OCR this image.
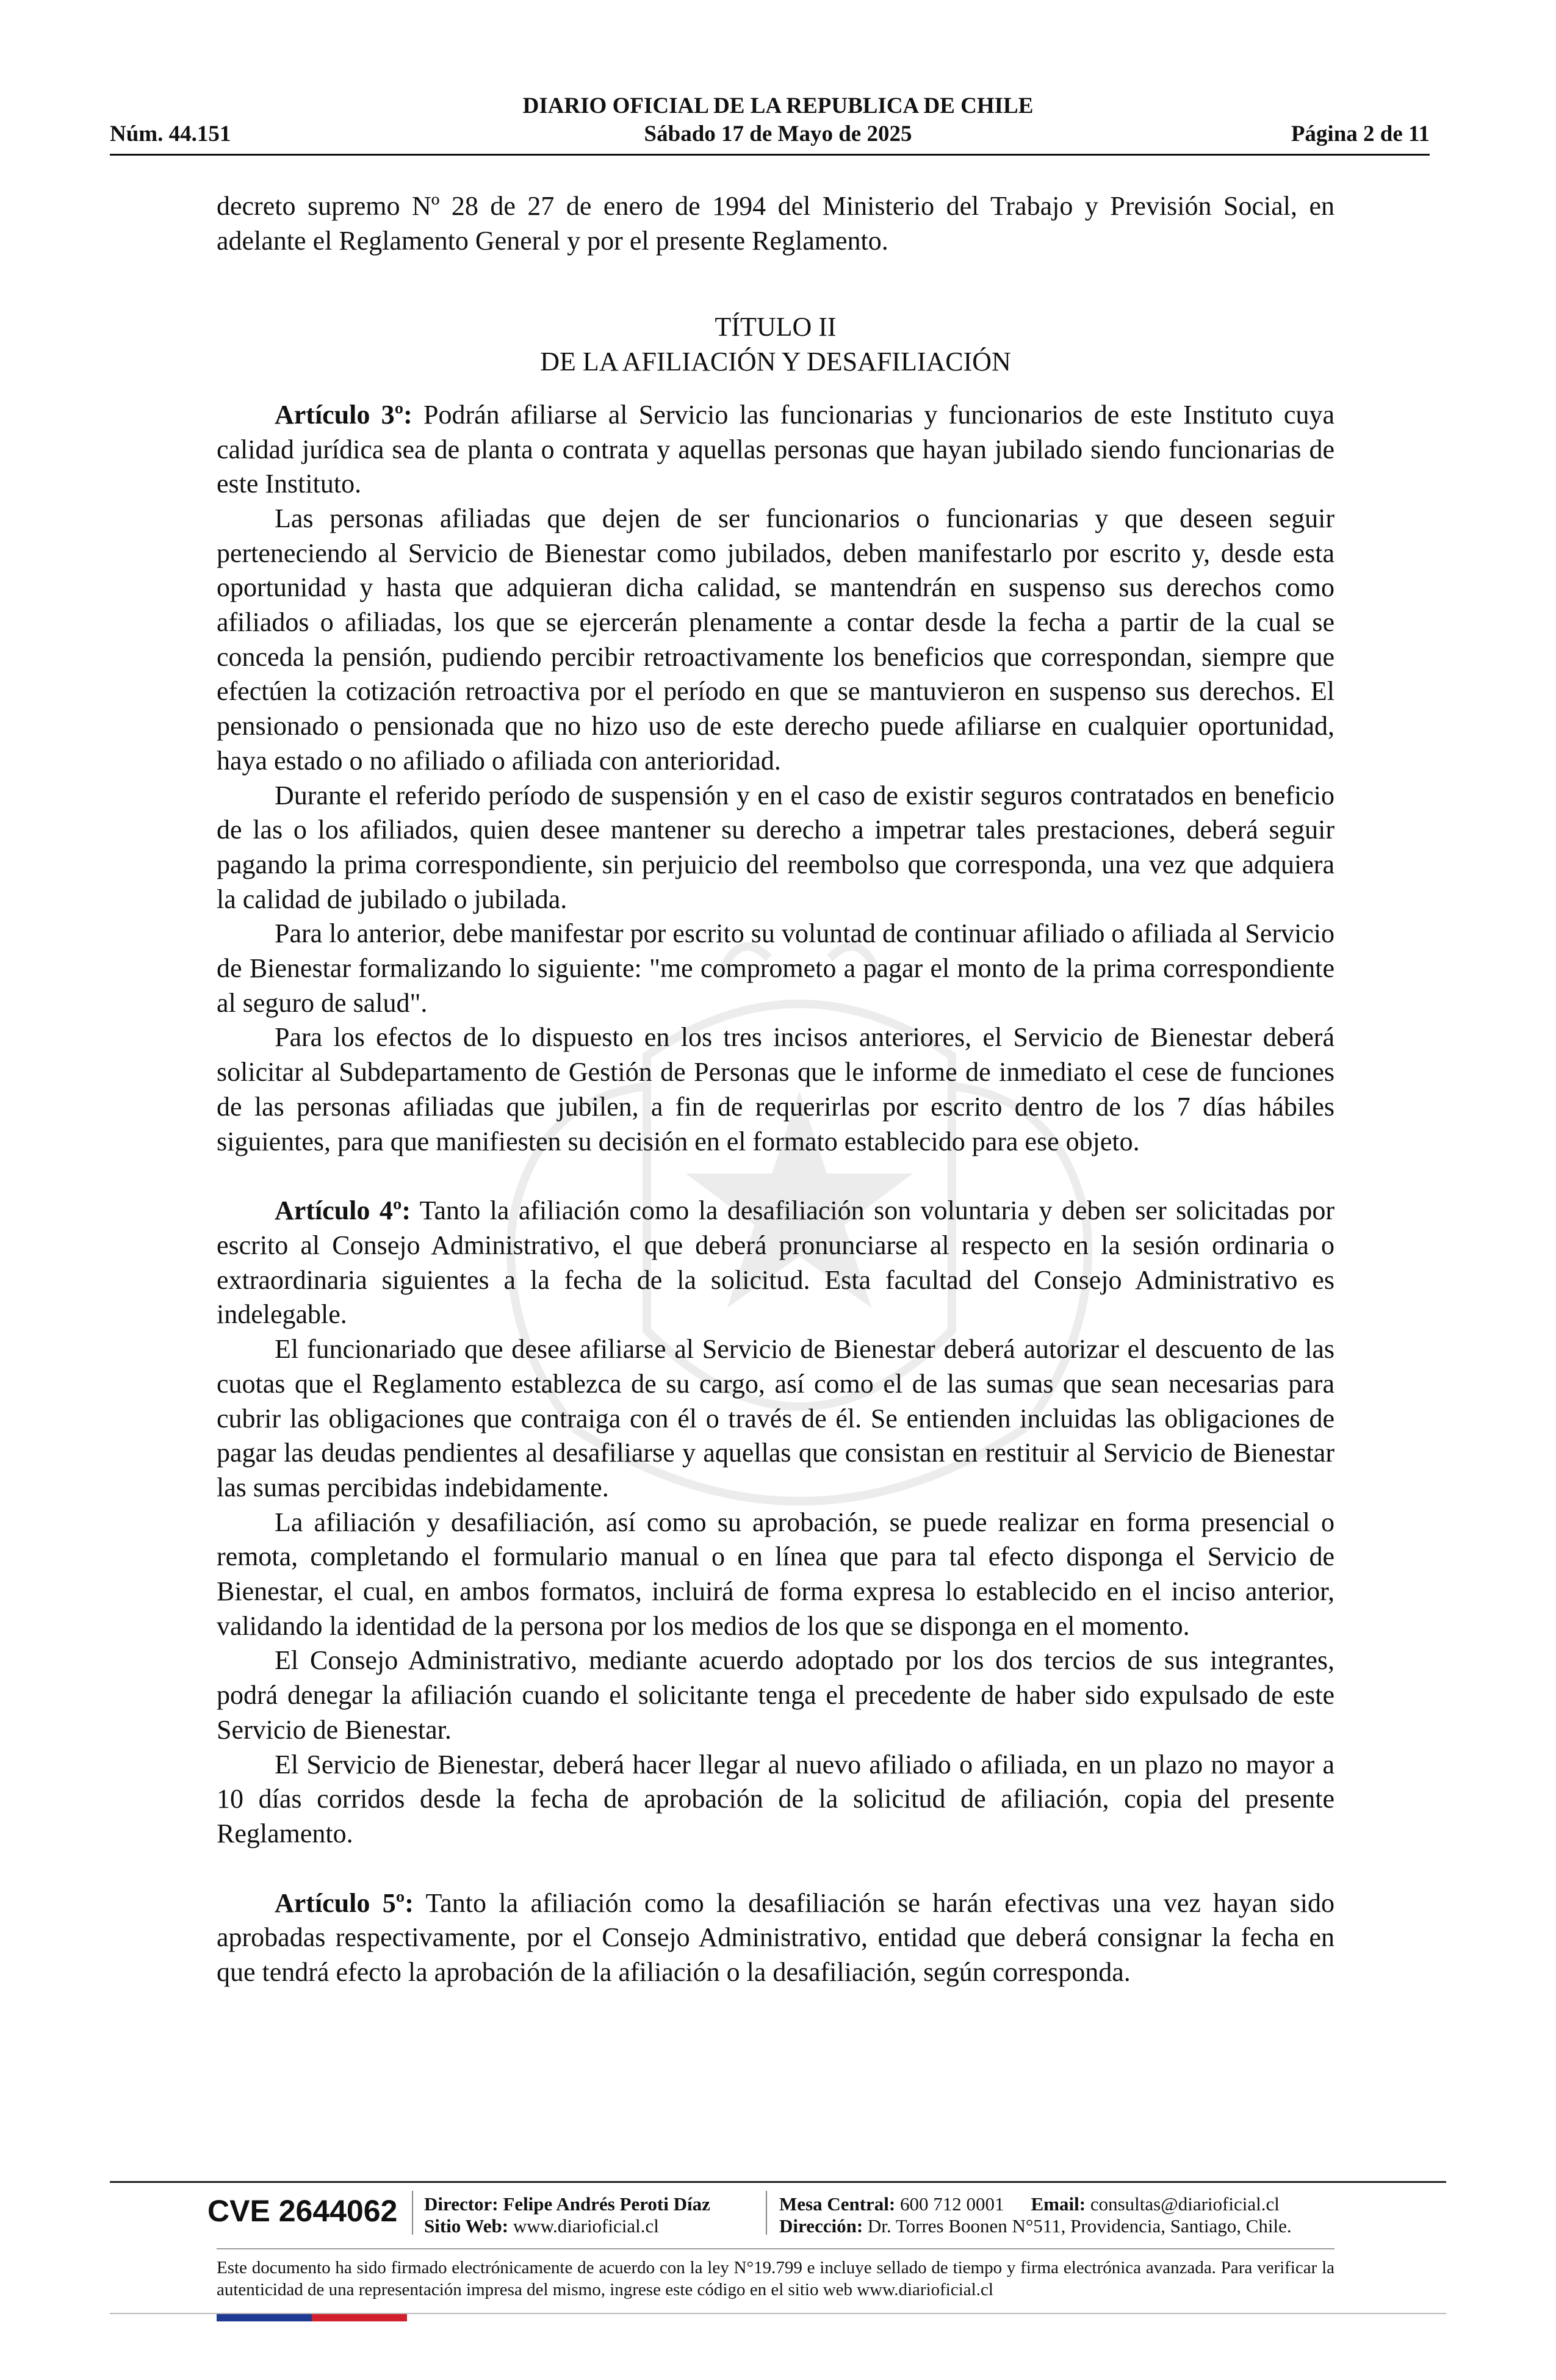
DIARIO OFICIAL DE LA REPUBLICA DE CHILE
Núm. 44.151	Sábado 17 de Mayo de 2025	Página 2 de 11

decreto supremo Nº 28 de 27 de enero de 1994 del Ministerio del Trabajo y Previsión Social, en adelante el Reglamento General y por el presente Reglamento.

TÍTULO II

DE LA AFILIACIÓN Y DESAFILIACIÓN

Artículo 3º: Podrán afiliarse al Servicio las funcionarias y funcionarios de este Instituto cuya calidad jurídica sea de planta o contrata y aquellas personas que hayan jubilado siendo funcionarias de este Instituto.

Las personas afiliadas que dejen de ser funcionarios o funcionarias y que deseen seguir perteneciendo al Servicio de Bienestar como jubilados, deben manifestarlo por escrito y, desde esta oportunidad y hasta que adquieran dicha calidad, se mantendrán en suspenso sus derechos como afiliados o afiliadas, los que se ejercerán plenamente a contar desde la fecha a partir de la cual se conceda la pensión, pudiendo percibir retroactivamente los beneficios que correspondan, siempre que efectúen la cotización retroactiva por el período en que se mantuvieron en suspenso sus derechos. El pensionado o pensionada que no hizo uso de este derecho puede afiliarse en cualquier oportunidad, haya estado o no afiliado o afiliada con anterioridad.

Durante el referido período de suspensión y en el caso de existir seguros contratados en beneficio de las o los afiliados, quien desee mantener su derecho a impetrar tales prestaciones, deberá seguir pagando la prima correspondiente, sin perjuicio del reembolso que corresponda, una vez que adquiera la calidad de jubilado o jubilada.

Para lo anterior, debe manifestar por escrito su voluntad de continuar afiliado o afiliada al Servicio de Bienestar formalizando lo siguiente: "me comprometo a pagar el monto de la prima correspondiente al seguro de salud".

Para los efectos de lo dispuesto en los tres incisos anteriores, el Servicio de Bienestar deberá solicitar al Subdepartamento de Gestión de Personas que le informe de inmediato el cese de funciones de las personas afiliadas que jubilen, a fin de requerirlas por escrito dentro de los 7 días hábiles siguientes, para que manifiesten su decisión en el formato establecido para ese objeto.

Artículo 4º: Tanto la afiliación como la desafiliación son voluntaria y deben ser solicitadas por escrito al Consejo Administrativo, el que deberá pronunciarse al respecto en la sesión ordinaria o extraordinaria siguientes a la fecha de la solicitud. Esta facultad del Consejo Administrativo es indelegable.

El funcionariado que desee afiliarse al Servicio de Bienestar deberá autorizar el descuento de las cuotas que el Reglamento establezca de su cargo, así como el de las sumas que sean necesarias para cubrir las obligaciones que contraiga con él o través de él. Se entienden incluidas las obligaciones de pagar las deudas pendientes al desafiliarse y aquellas que consistan en restituir al Servicio de Bienestar las sumas percibidas indebidamente.

La afiliación y desafiliación, así como su aprobación, se puede realizar en forma presencial o remota, completando el formulario manual o en línea que para tal efecto disponga el Servicio de Bienestar, el cual, en ambos formatos, incluirá de forma expresa lo establecido en el inciso anterior, validando la identidad de la persona por los medios de los que se disponga en el momento.

El Consejo Administrativo, mediante acuerdo adoptado por los dos tercios de sus integrantes, podrá denegar la afiliación cuando el solicitante tenga el precedente de haber sido expulsado de este Servicio de Bienestar.

El Servicio de Bienestar, deberá hacer llegar al nuevo afiliado o afiliada, en un plazo no mayor a 10 días corridos desde la fecha de aprobación de la solicitud de afiliación, copia del presente Reglamento.

Artículo 5º: Tanto la afiliación como la desafiliación se harán efectivas una vez hayan sido aprobadas respectivamente, por el Consejo Administrativo, entidad que deberá consignar la fecha en que tendrá efecto la aprobación de la afiliación o la desafiliación, según corresponda.

CVE 2644062 Director: Felipe Andrés Peroti Díaz
Sitio Web: www.diarioficial.cl
Mesa Central: 600 712 0001 Email: consultas@diarioficial.cl
Dirección: Dr. Torres Boonen N°511, Providencia, Santiago, Chile.
Este documento ha sido firmado electrónicamente de acuerdo con la ley N°19.799 e incluye sellado de tiempo y firma electrónica avanzada. Para verificar la autenticidad de una representación impresa del mismo, ingrese este código en el sitio web www.diarioficial.cl
